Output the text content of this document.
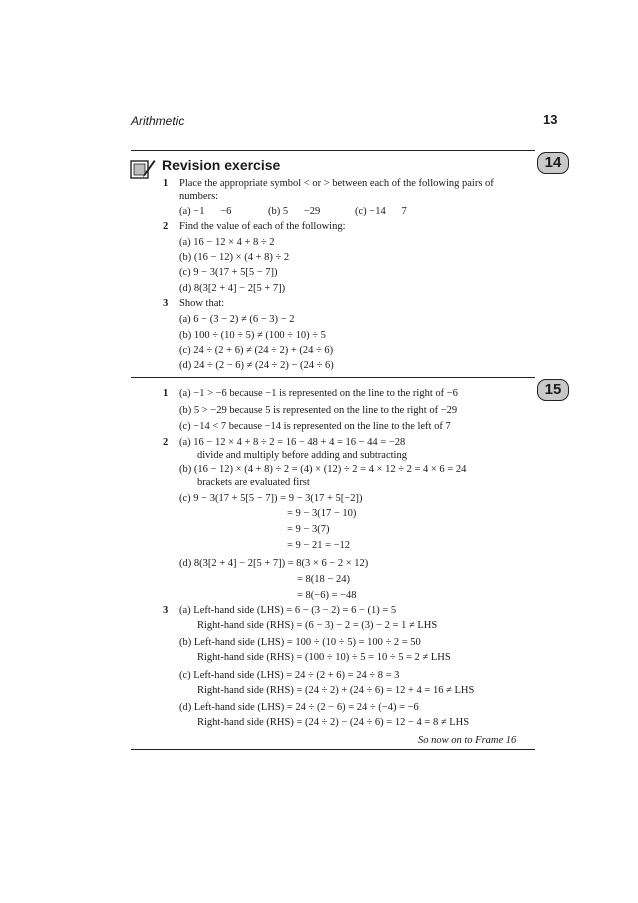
Arithmetic	13
Revision exercise	14
1 Place the appropriate symbol < or > between each of the following pairs of
numbers:
(a) −1      −6	(b) 5      −29	(c) −14      7
2 Find the value of each of the following:
(a) 16 − 12 × 4 + 8 ÷ 2
(b) (16 − 12) × (4 + 8) ÷ 2
(c) 9 − 3(17 + 5[5 − 7])
(d) 8(3[2 + 4] − 2[5 + 7])
3 Show that:
(a) 6 − (3 − 2) ≠ (6 − 3) − 2
(b) 100 ÷ (10 ÷ 5) ≠ (100 ÷ 10) ÷ 5
(c) 24 ÷ (2 + 6) ≠ (24 ÷ 2) + (24 ÷ 6)
(d) 24 ÷ (2 − 6) ≠ (24 ÷ 2) − (24 ÷ 6)
15
1 (a) −1 > −6 because −1 is represented on the line to the right of −6
(b) 5 > −29 because 5 is represented on the line to the right of −29
(c) −14 < 7 because −14 is represented on the line to the left of 7
2 (a) 16 − 12 × 4 + 8 ÷ 2 = 16 − 48 + 4 = 16 − 44 = −28
divide and multiply before adding and subtracting
(b) (16 − 12) × (4 + 8) ÷ 2 = (4) × (12) ÷ 2 = 4 × 12 ÷ 2 = 4 × 6 = 24
brackets are evaluated first
(c) 9 − 3(17 + 5[5 − 7]) = 9 − 3(17 + 5[−2])
= 9 − 3(17 − 10)
= 9 − 3(7)
= 9 − 21 = −12
(d) 8(3[2 + 4] − 2[5 + 7]) = 8(3 × 6 − 2 × 12)
= 8(18 − 24)
= 8(−6) = −48
3 (a) Left-hand side (LHS) = 6 − (3 − 2) = 6 − (1) = 5
Right-hand side (RHS) = (6 − 3) − 2 = (3) − 2 = 1 ≠ LHS
(b) Left-hand side (LHS) = 100 ÷ (10 ÷ 5) = 100 ÷ 2 = 50
Right-hand side (RHS) = (100 ÷ 10) ÷ 5 = 10 ÷ 5 = 2 ≠ LHS
(c) Left-hand side (LHS) = 24 ÷ (2 + 6) = 24 ÷ 8 = 3
Right-hand side (RHS) = (24 ÷ 2) + (24 ÷ 6) = 12 + 4 = 16 ≠ LHS
(d) Left-hand side (LHS) = 24 ÷ (2 − 6) = 24 ÷ (−4) = −6
Right-hand side (RHS) = (24 ÷ 2) − (24 ÷ 6) = 12 − 4 = 8 ≠ LHS
So now on to Frame 16
